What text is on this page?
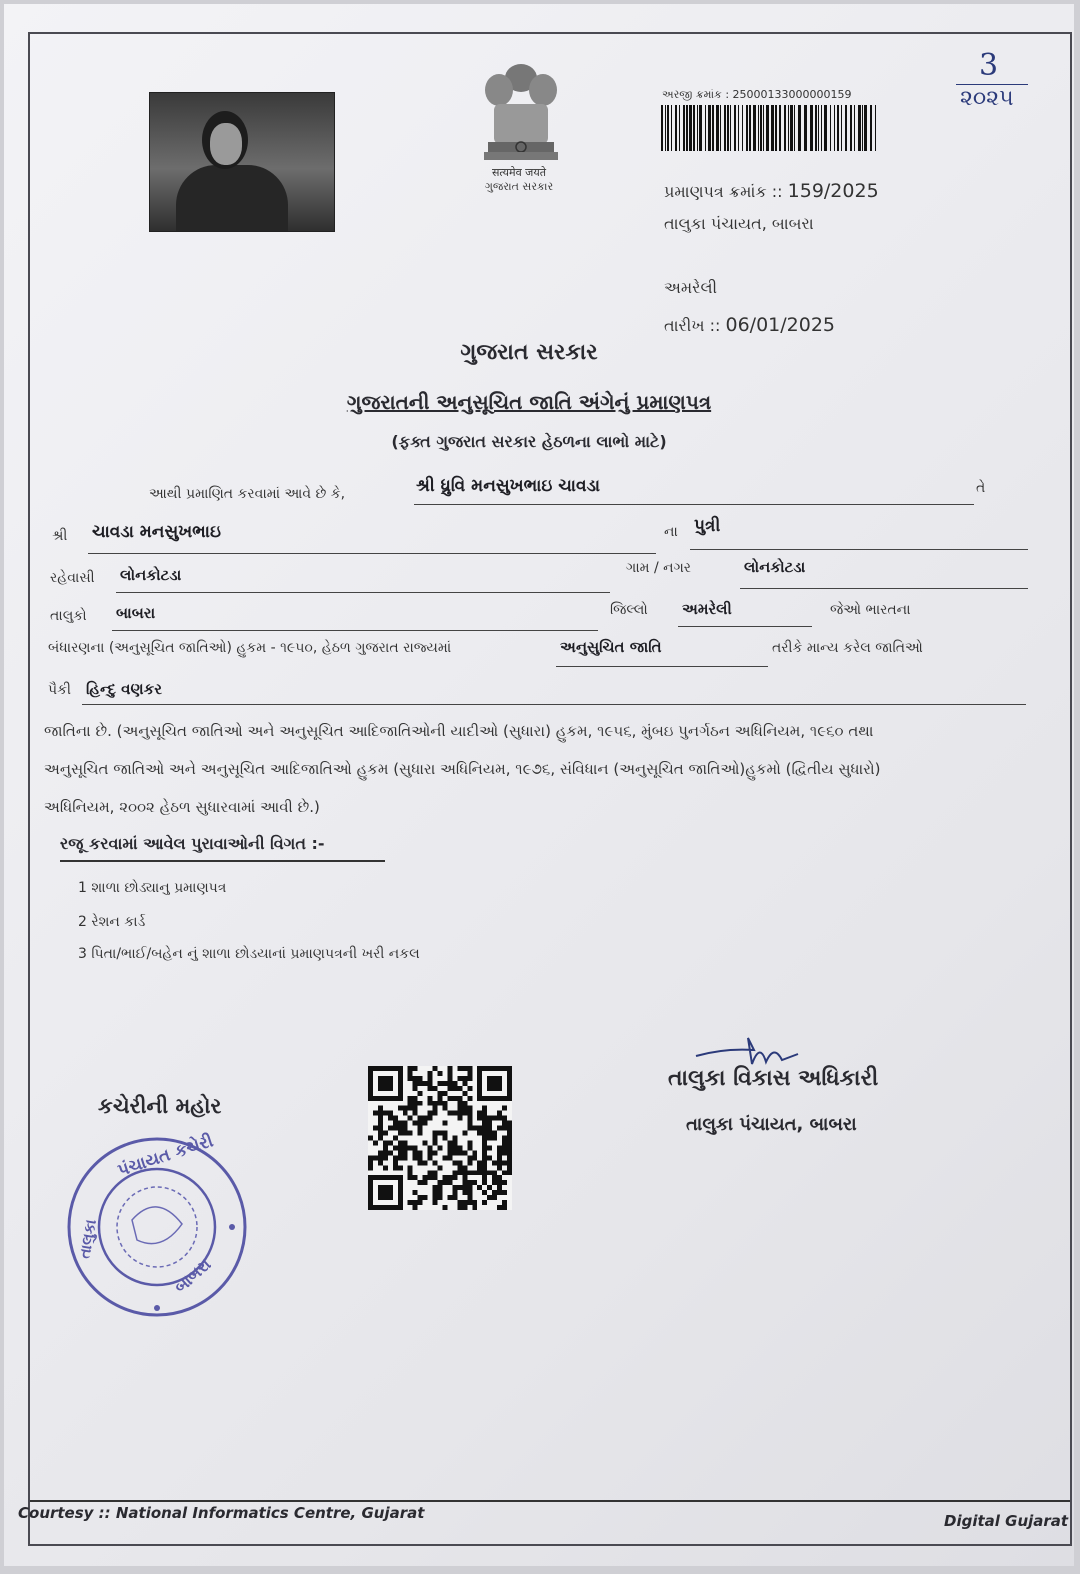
सत्यमेव जयते
ગુજરાત સરકાર
અરજી ક્રમાંક : 25000133000000159
3
૨૦૨૫
પ્રમાણપત્ર ક્રમાંક :: 159/2025
તાલુકા પંચાયત, બાબરા
અમરેલી
તારીખ :: 06/01/2025
ગુજરાત સરકાર
ગુજરાતની અનુસૂચિત જાતિ અંગેનું પ્રમાણપત્ર
(ફક્ત ગુજરાત સરકાર હેઠળના લાભો માટે)
આથી પ્રમાણિત કરવામાં આવે છે કે,	શ્રી ધ્રુવિ મનસુખભાઇ ચાવડા	તે
શ્રી ચાવડા મનસુખભાઇ	ના પુત્રી
રહેવાસી લોનકોટડા	ગામ / નગર	લોનકોટડા
તાલુકો બાબરા	જિલ્લો અમરેલી	જેઓ ભારતના
બંધારણના (અનુસૂચિત જાતિઓ) હુકમ - ૧૯૫૦, હેઠળ ગુજરાત રાજ્યમાં	અનુસુચિત જાતિ	તરીકે માન્ય કરેલ જાતિઓ
પૈકી હિન્દુ વણકર
જાતિના છે. (અનુસૂચિત જાતિઓ અને અનુસૂચિત આદિજાતિઓની યાદીઓ (સુધારા) હુકમ, ૧૯૫૬, મુંબઇ પુનર્ગઠન અધિનિયમ, ૧૯૬૦ તથા
અનુસૂચિત જાતિઓ અને અનુસૂચિત આદિજાતિઓ હુકમ (સુધારા અધિનિયમ, ૧૯૭૬, સંવિધાન (અનુસૂચિત જાતિઓ)હુકમો (દ્વિતીય સુધારો)
અધિનિયમ, ૨૦૦૨ હેઠળ સુધારવામાં આવી છે.)
રજૂ કરવામાં આવેલ પુરાવાઓની વિગત :-
1 શાળા છોડ્યાનુ પ્રમાણપત્ર
2 રેશન કાર્ડ
3 પિતા/ભાઈ/બહેન નું શાળા છોડયાનાં પ્રમાણપત્રની ખરી નકલ
કચેરીની મહોર
પંચાયત કચેરી
તાલુકા
બાબરા
તાલુકા વિકાસ અધિકારી
તાલુકા પંચાયત, બાબરા
Courtesy :: National Informatics Centre, Gujarat	Digital Gujarat
